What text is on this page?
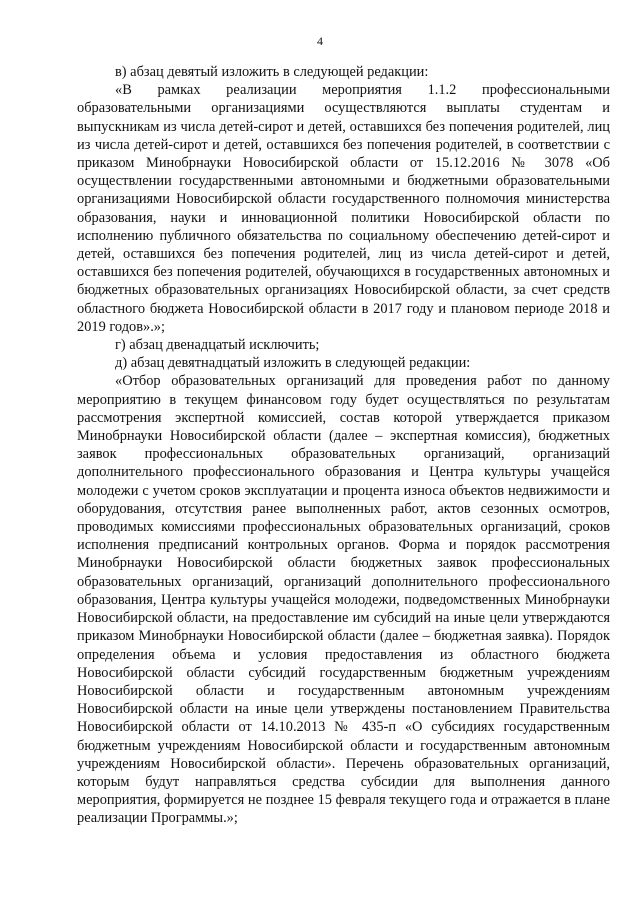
4

в) абзац девятый изложить в следующей редакции:

«В рамках реализации мероприятия 1.1.2 профессиональными образовательными организациями осуществляются выплаты студентам и выпускникам из числа детей-сирот и детей, оставшихся без попечения родителей, лиц из числа детей-сирот и детей, оставшихся без попечения родителей, в соответствии с приказом Минобрнауки Новосибирской области от 15.12.2016 № 3078 «Об осуществлении государственными автономными и бюджетными образовательными организациями Новосибирской области государственного полномочия министерства образования, науки и инновационной политики Новосибирской области по исполнению публичного обязательства по социальному обеспечению детей-сирот и детей, оставшихся без попечения родителей, лиц из числа детей-сирот и детей, оставшихся без попечения родителей, обучающихся в государственных автономных и бюджетных образовательных организациях Новосибирской области, за счет средств областного бюджета Новосибирской области в 2017 году и плановом периоде 2018 и 2019 годов».»;

г) абзац двенадцатый исключить;

д) абзац девятнадцатый изложить в следующей редакции:

«Отбор образовательных организаций для проведения работ по данному мероприятию в текущем финансовом году будет осуществляться по результатам рассмотрения экспертной комиссией, состав которой утверждается приказом Минобрнауки Новосибирской области (далее – экспертная комиссия), бюджетных заявок профессиональных образовательных организаций, организаций дополнительного профессионального образования и Центра культуры учащейся молодежи с учетом сроков эксплуатации и процента износа объектов недвижимости и оборудования, отсутствия ранее выполненных работ, актов сезонных осмотров, проводимых комиссиями профессиональных образовательных организаций, сроков исполнения предписаний контрольных органов. Форма и порядок рассмотрения Минобрнауки Новосибирской области бюджетных заявок профессиональных образовательных организаций, организаций дополнительного профессионального образования, Центра культуры учащейся молодежи, подведомственных Минобрнауки Новосибирской области, на предоставление им субсидий на иные цели утверждаются приказом Минобрнауки Новосибирской области (далее – бюджетная заявка). Порядок определения объема и условия предоставления из областного бюджета Новосибирской области субсидий государственным бюджетным учреждениям Новосибирской области и государственным автономным учреждениям Новосибирской области на иные цели утверждены постановлением Правительства Новосибирской области от 14.10.2013 № 435-п «О субсидиях государственным бюджетным учреждениям Новосибирской области и государственным автономным учреждениям Новосибирской области». Перечень образовательных организаций, которым будут направляться средства субсидии для выполнения данного мероприятия, формируется не позднее 15 февраля текущего года и отражается в плане реализации Программы.»;
